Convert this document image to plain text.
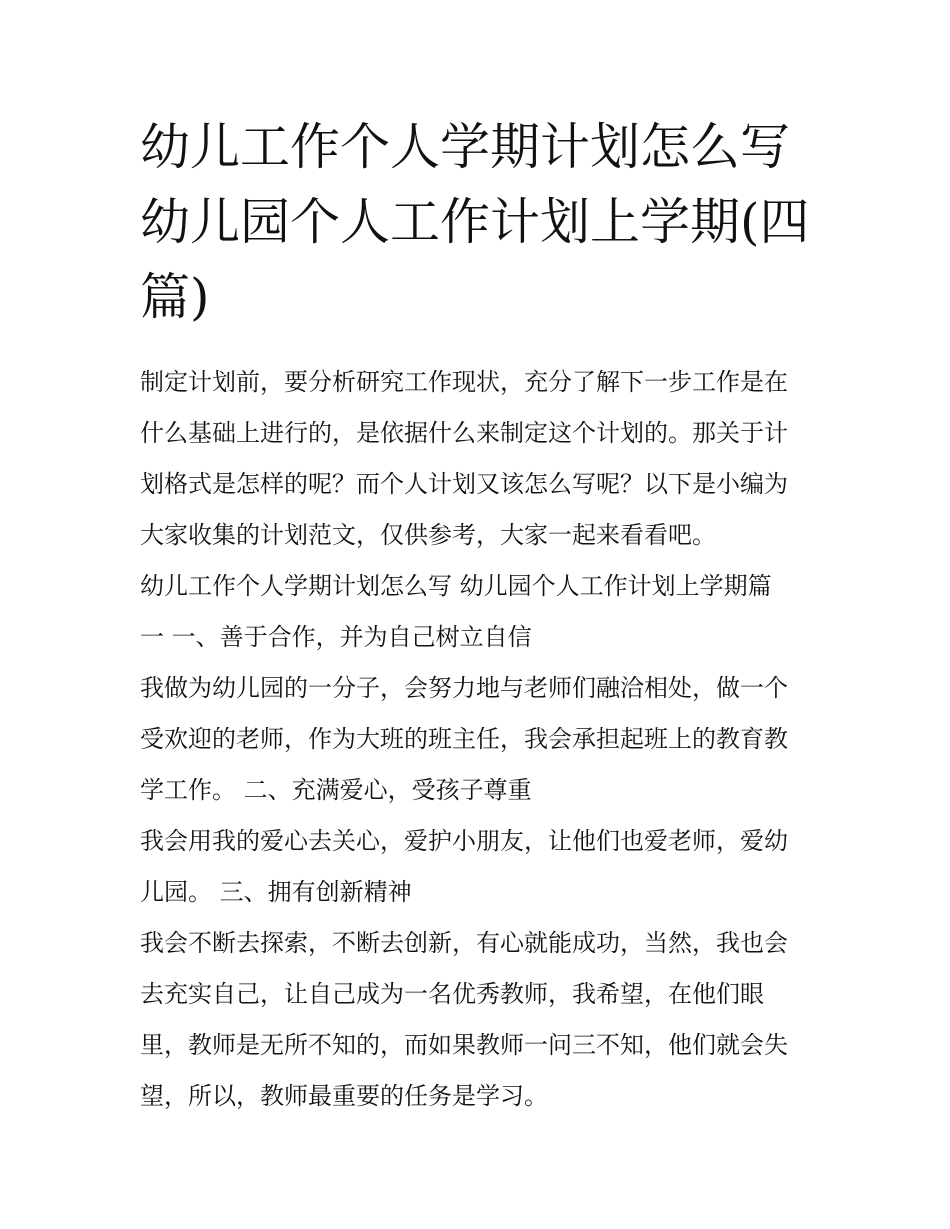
幼儿工作个人学期计划怎么写
幼儿园个人工作计划上学期(四
篇)
制定计划前，要分析研究工作现状，充分了解下一步工作是在
什么基础上进行的，是依据什么来制定这个计划的。那关于计
划格式是怎样的呢？而个人计划又该怎么写呢？以下是小编为
大家收集的计划范文，仅供参考，大家一起来看看吧。
幼儿工作个人学期计划怎么写 幼儿园个人工作计划上学期篇
一 一、善于合作，并为自己树立自信
我做为幼儿园的一分子，会努力地与老师们融洽相处，做一个
受欢迎的老师，作为大班的班主任，我会承担起班上的教育教
学工作。 二、充满爱心，受孩子尊重
我会用我的爱心去关心，爱护小朋友，让他们也爱老师，爱幼
儿园。 三、拥有创新精神
我会不断去探索，不断去创新，有心就能成功，当然，我也会
去充实自己，让自己成为一名优秀教师，我希望，在他们眼
里，教师是无所不知的，而如果教师一问三不知，他们就会失
望，所以，教师最重要的任务是学习。
